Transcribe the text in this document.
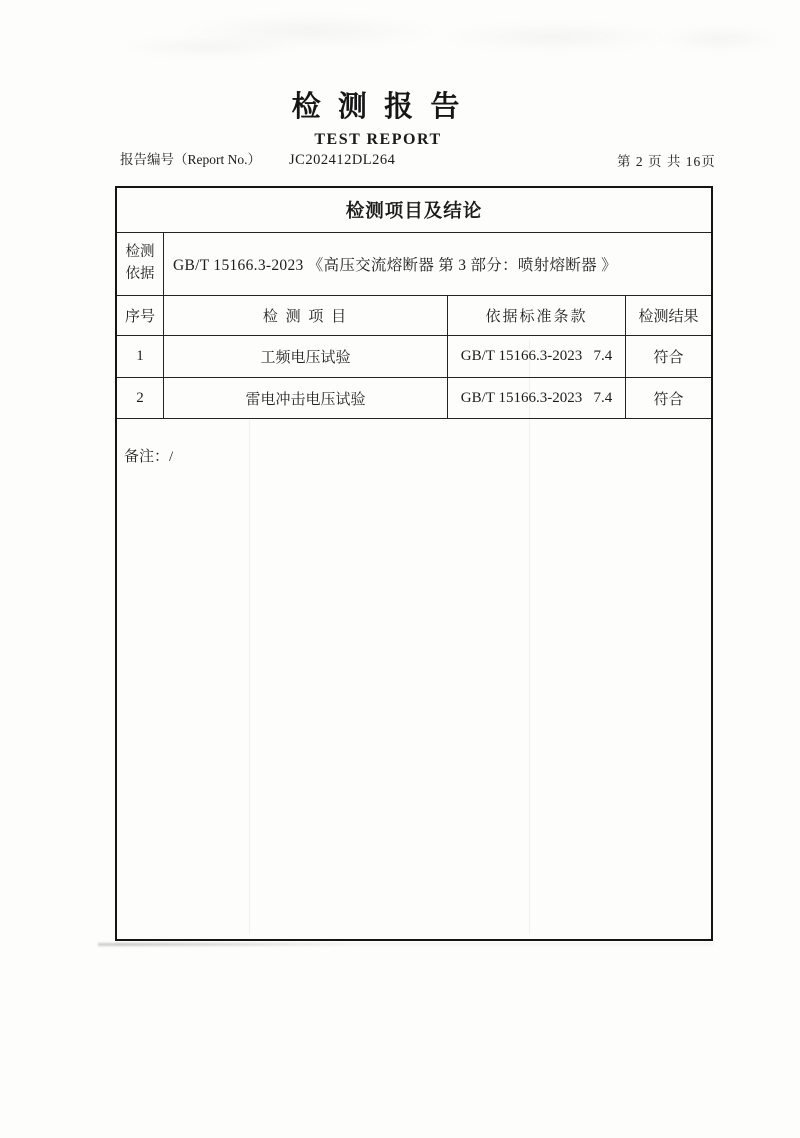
检 测 报 告
TEST REPORT
报告编号（Report No.） JC202412DL264	第 2 页 共 16页
检测项目及结论
检测依据 GB/T 15166.3-2023 《高压交流熔断器 第 3 部分：喷射熔断器 》
序号	检 测 项 目	依据标准条款	检测结果
1	工频电压试验	GB/T 15166.3-2023   7.4	符合
2	雷电冲击电压试验	GB/T 15166.3-2023   7.4	符合
备注：/
